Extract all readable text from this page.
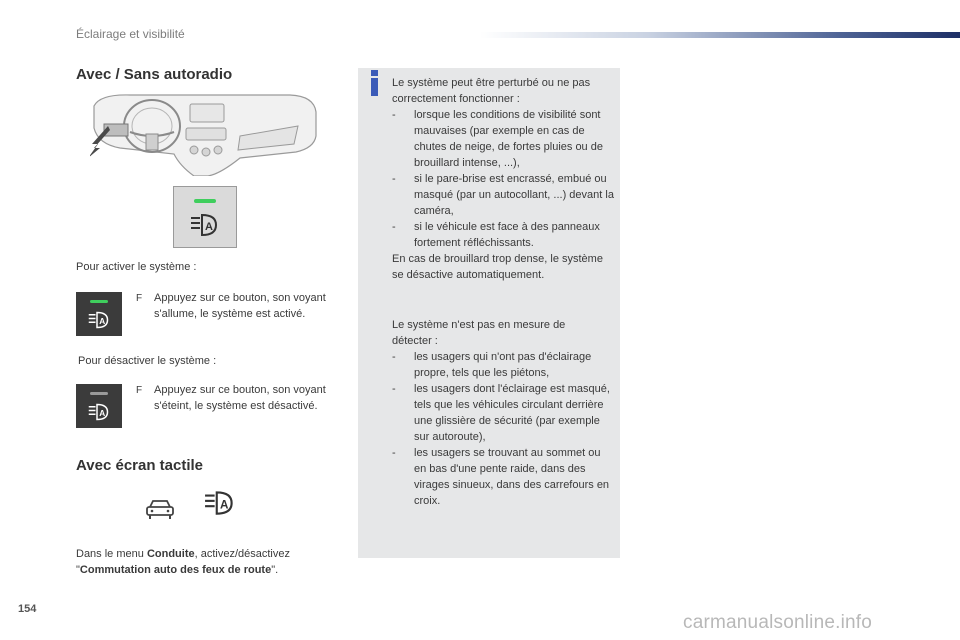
Éclairage et visibilité
Avec / Sans autoradio
A
Pour activer le système :
A
F Appuyez sur ce bouton, son voyant s'allume, le système est activé.
Pour désactiver le système :
A
F Appuyez sur ce bouton, son voyant s'éteint, le système est désactivé.
Avec écran tactile
A
Dans le menu Conduite, activez/désactivez
"Commutation auto des feux de route".
Le système peut être perturbé ou ne pas correctement fonctionner :
- lorsque les conditions de visibilité sont mauvaises (par exemple en cas de chutes de neige, de fortes pluies ou de brouillard intense, ...),
- si le pare-brise est encrassé, embué ou masqué (par un autocollant, ...) devant la caméra,
- si le véhicule est face à des panneaux fortement réfléchissants.
En cas de brouillard trop dense, le système se désactive automatiquement.
Le système n'est pas en mesure de détecter :
- les usagers qui n'ont pas d'éclairage propre, tels que les piétons,
- les usagers dont l'éclairage est masqué, tels que les véhicules circulant derrière une glissière de sécurité (par exemple sur autoroute),
- les usagers se trouvant au sommet ou en bas d'une pente raide, dans des virages sinueux, dans des carrefours en croix.
154
carmanualsonline.info
